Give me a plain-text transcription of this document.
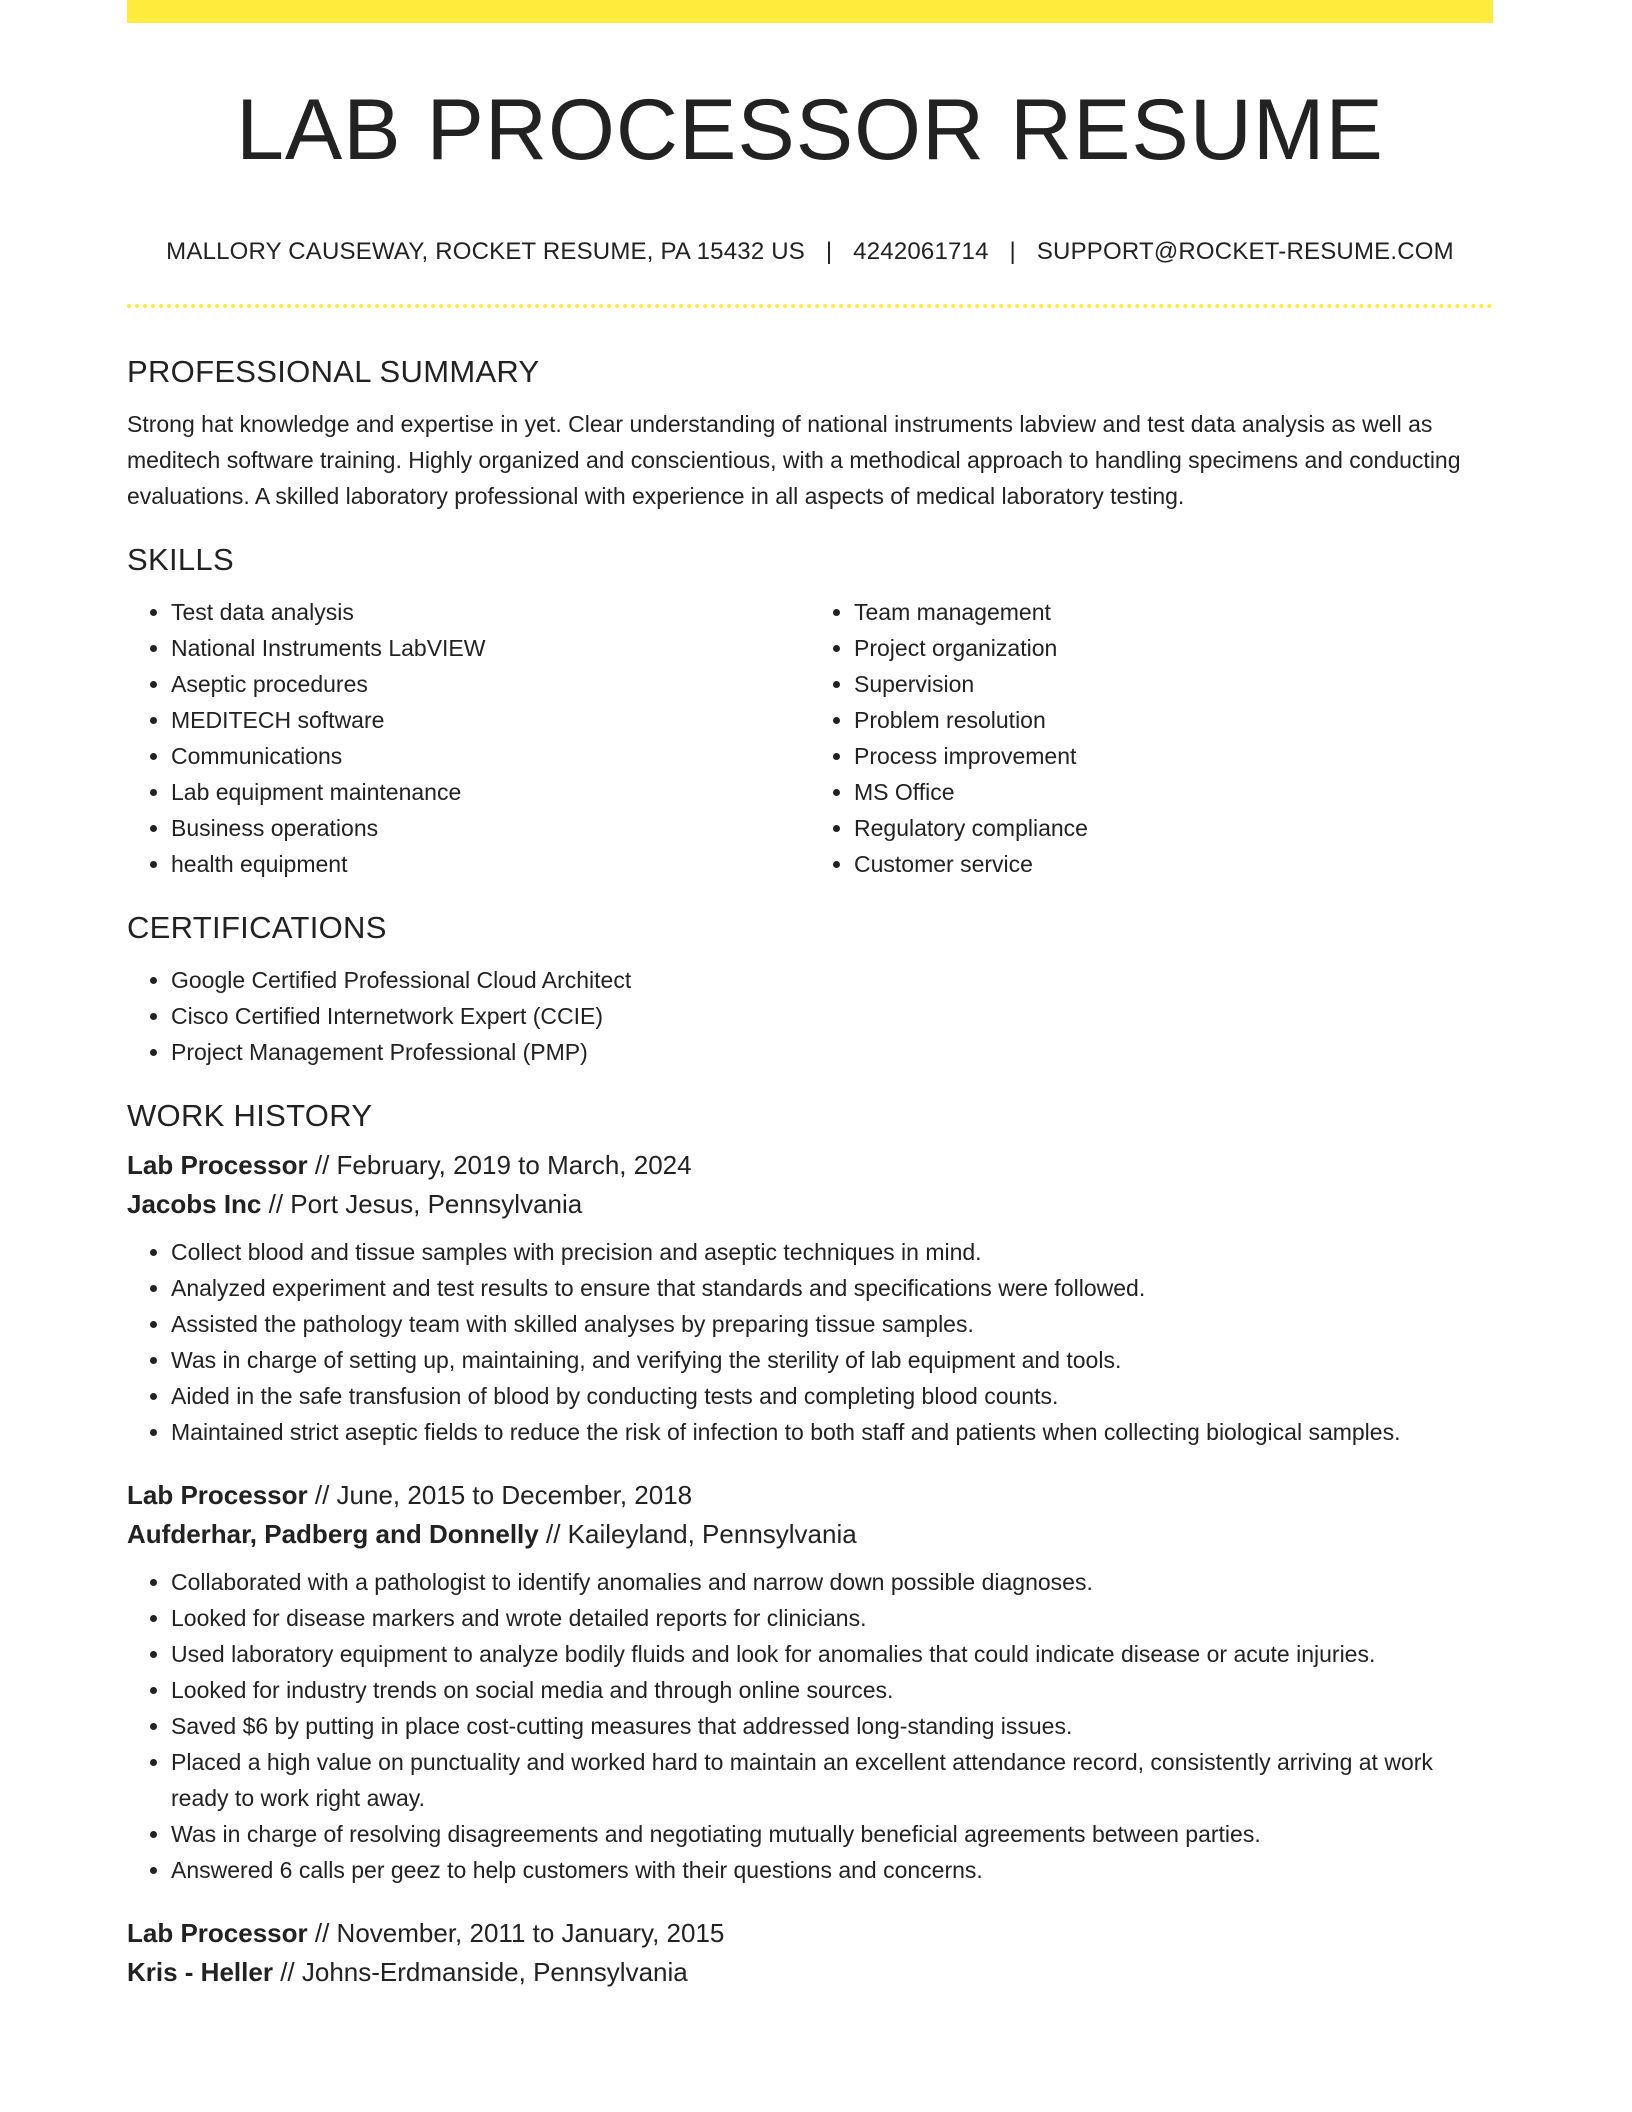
LAB PROCESSOR RESUME
MALLORY CAUSEWAY, ROCKET RESUME, PA 15432 US | 4242061714 | SUPPORT@ROCKET-RESUME.COM
PROFESSIONAL SUMMARY

Strong hat knowledge and expertise in yet. Clear understanding of national instruments labview and test data analysis as well as meditech software training. Highly organized and conscientious, with a methodical approach to handling specimens and conducting evaluations. A skilled laboratory professional with experience in all aspects of medical laboratory testing.

SKILLS
• Test data analysis
• National Instruments LabVIEW
• Aseptic procedures
• MEDITECH software
• Communications
• Lab equipment maintenance
• Business operations
• health equipment
• Team management
• Project organization
• Supervision
• Problem resolution
• Process improvement
• MS Office
• Regulatory compliance
• Customer service
CERTIFICATIONS
• Google Certified Professional Cloud Architect
• Cisco Certified Internetwork Expert (CCIE)
• Project Management Professional (PMP)
WORK HISTORY
Lab Processor // February, 2019 to March, 2024
Jacobs Inc // Port Jesus, Pennsylvania
• Collect blood and tissue samples with precision and aseptic techniques in mind.
• Analyzed experiment and test results to ensure that standards and specifications were followed.
• Assisted the pathology team with skilled analyses by preparing tissue samples.
• Was in charge of setting up, maintaining, and verifying the sterility of lab equipment and tools.
• Aided in the safe transfusion of blood by conducting tests and completing blood counts.
• Maintained strict aseptic fields to reduce the risk of infection to both staff and patients when collecting biological samples.
Lab Processor // June, 2015 to December, 2018
Aufderhar, Padberg and Donnelly // Kaileyland, Pennsylvania
• Collaborated with a pathologist to identify anomalies and narrow down possible diagnoses.
• Looked for disease markers and wrote detailed reports for clinicians.
• Used laboratory equipment to analyze bodily fluids and look for anomalies that could indicate disease or acute injuries.
• Looked for industry trends on social media and through online sources.
• Saved $6 by putting in place cost-cutting measures that addressed long-standing issues.
• Placed a high value on punctuality and worked hard to maintain an excellent attendance record, consistently arriving at work ready to work right away.
• Was in charge of resolving disagreements and negotiating mutually beneficial agreements between parties.
• Answered 6 calls per geez to help customers with their questions and concerns.
Lab Processor // November, 2011 to January, 2015
Kris - Heller // Johns-Erdmanside, Pennsylvania
